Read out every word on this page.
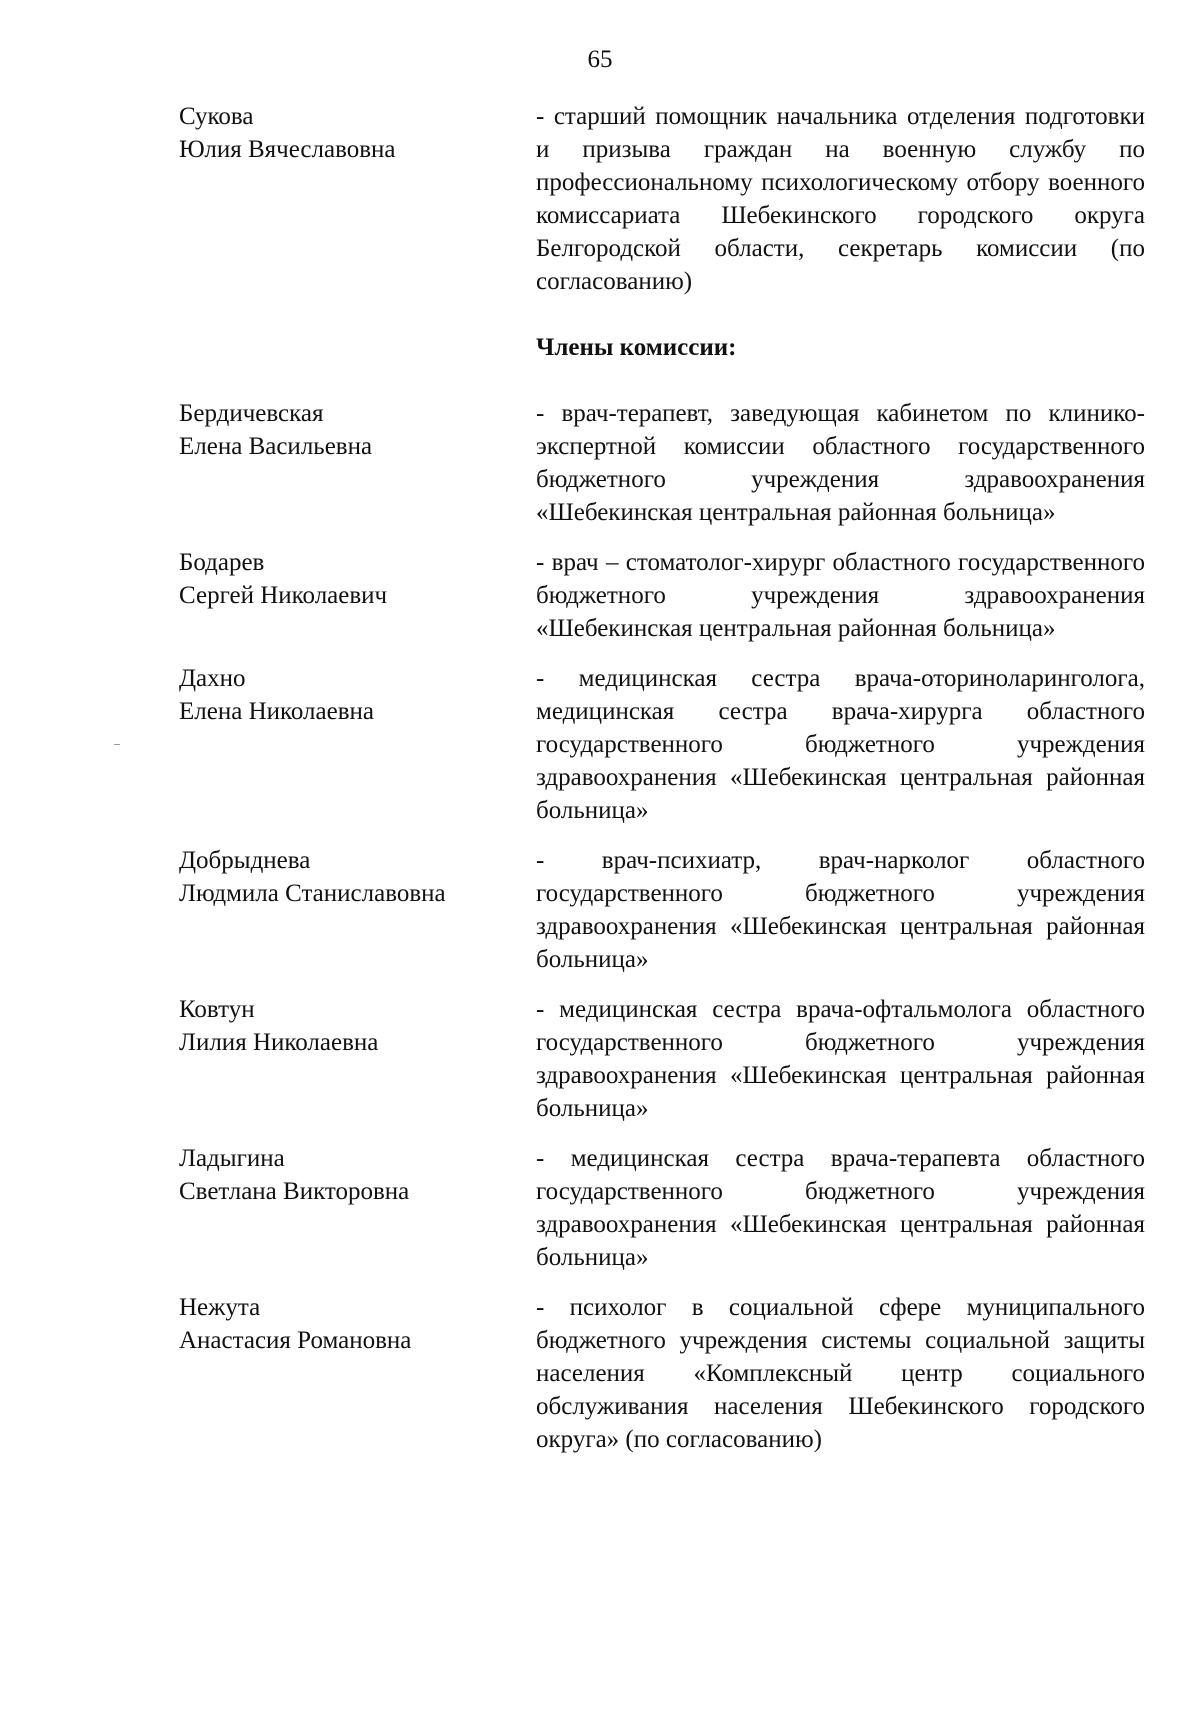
65
Сукова
Юлия Вячеславовна
- старший помощник начальника отделения подготовки и призыва граждан на военную службу по профессиональному психологическому отбору военного комиссариата Шебекинского городского округа Белгородской области, секретарь комиссии (по согласованию)
Члены комиссии:
Бердичевская
Елена Васильевна
- врач-терапевт, заведующая кабинетом по клинико-экспертной комиссии областного государственного бюджетного учреждения здравоохранения «Шебекинская центральная районная больница»
Бодарев
Сергей Николаевич
- врач – стоматолог-хирург областного государственного бюджетного учреждения здравоохранения «Шебекинская центральная районная больница»
Дахно
Елена Николаевна
- медицинская сестра врача-оториноларинголога, медицинская сестра врача-хирурга областного государственного бюджетного учреждения здравоохранения «Шебекинская центральная районная больница»
Добрыднева
Людмила Станиславовна
- врач-психиатр, врач-нарколог областного государственного бюджетного учреждения здравоохранения «Шебекинская центральная районная больница»
Ковтун
Лилия Николаевна
- медицинская сестра врача-офтальмолога областного государственного бюджетного учреждения здравоохранения «Шебекинская центральная районная больница»
Ладыгина
Светлана Викторовна
- медицинская сестра врача-терапевта областного государственного бюджетного учреждения здравоохранения «Шебекинская центральная районная больница»
Нежута
Анастасия Романовна
- психолог в социальной сфере муниципального бюджетного учреждения системы социальной защиты населения «Комплексный центр социального обслуживания населения Шебекинского городского округа» (по согласованию)
